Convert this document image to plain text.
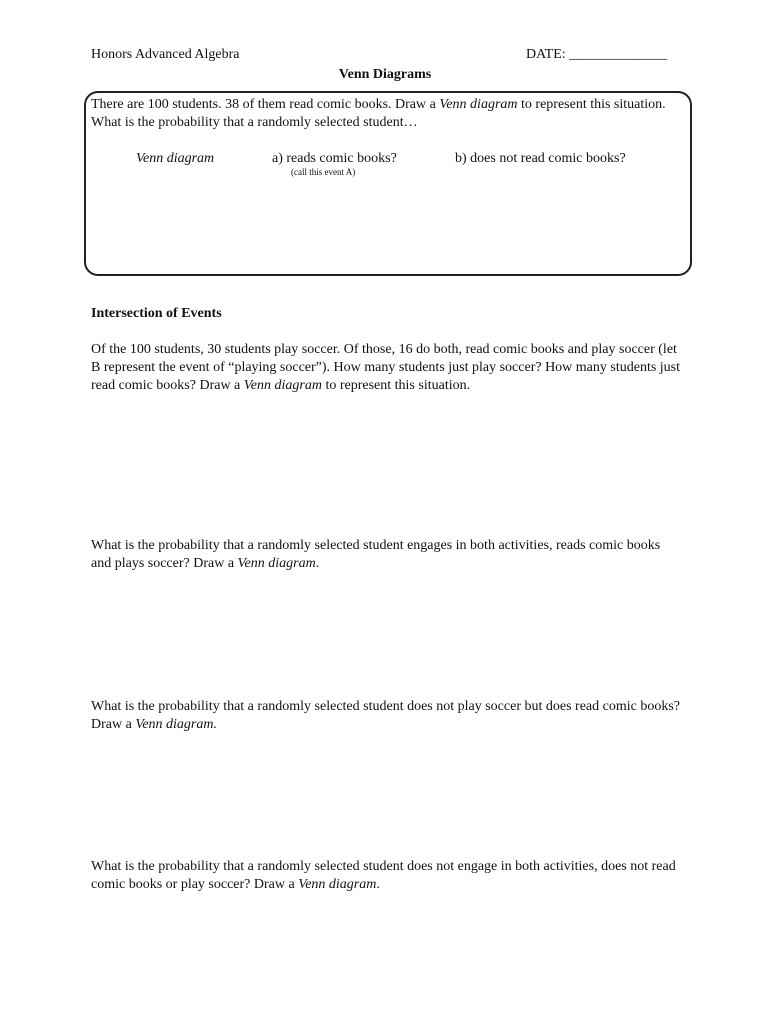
Honors Advanced Algebra	DATE: ______________
Venn Diagrams
There are 100 students. 38 of them read comic books. Draw a Venn diagram to represent this situation. What is the probability that a randomly selected student…
Venn diagram	a) reads comic books?
(call this event A)
b) does not read comic books?
Intersection of Events
Of the 100 students, 30 students play soccer. Of those, 16 do both, read comic books and play soccer (let B represent the event of “playing soccer”). How many students just play soccer? How many students just read comic books? Draw a Venn diagram to represent this situation.
What is the probability that a randomly selected student engages in both activities, reads comic books and plays soccer? Draw a Venn diagram.
What is the probability that a randomly selected student does not play soccer but does read comic books? Draw a Venn diagram.
What is the probability that a randomly selected student does not engage in both activities, does not read comic books or play soccer? Draw a Venn diagram.
